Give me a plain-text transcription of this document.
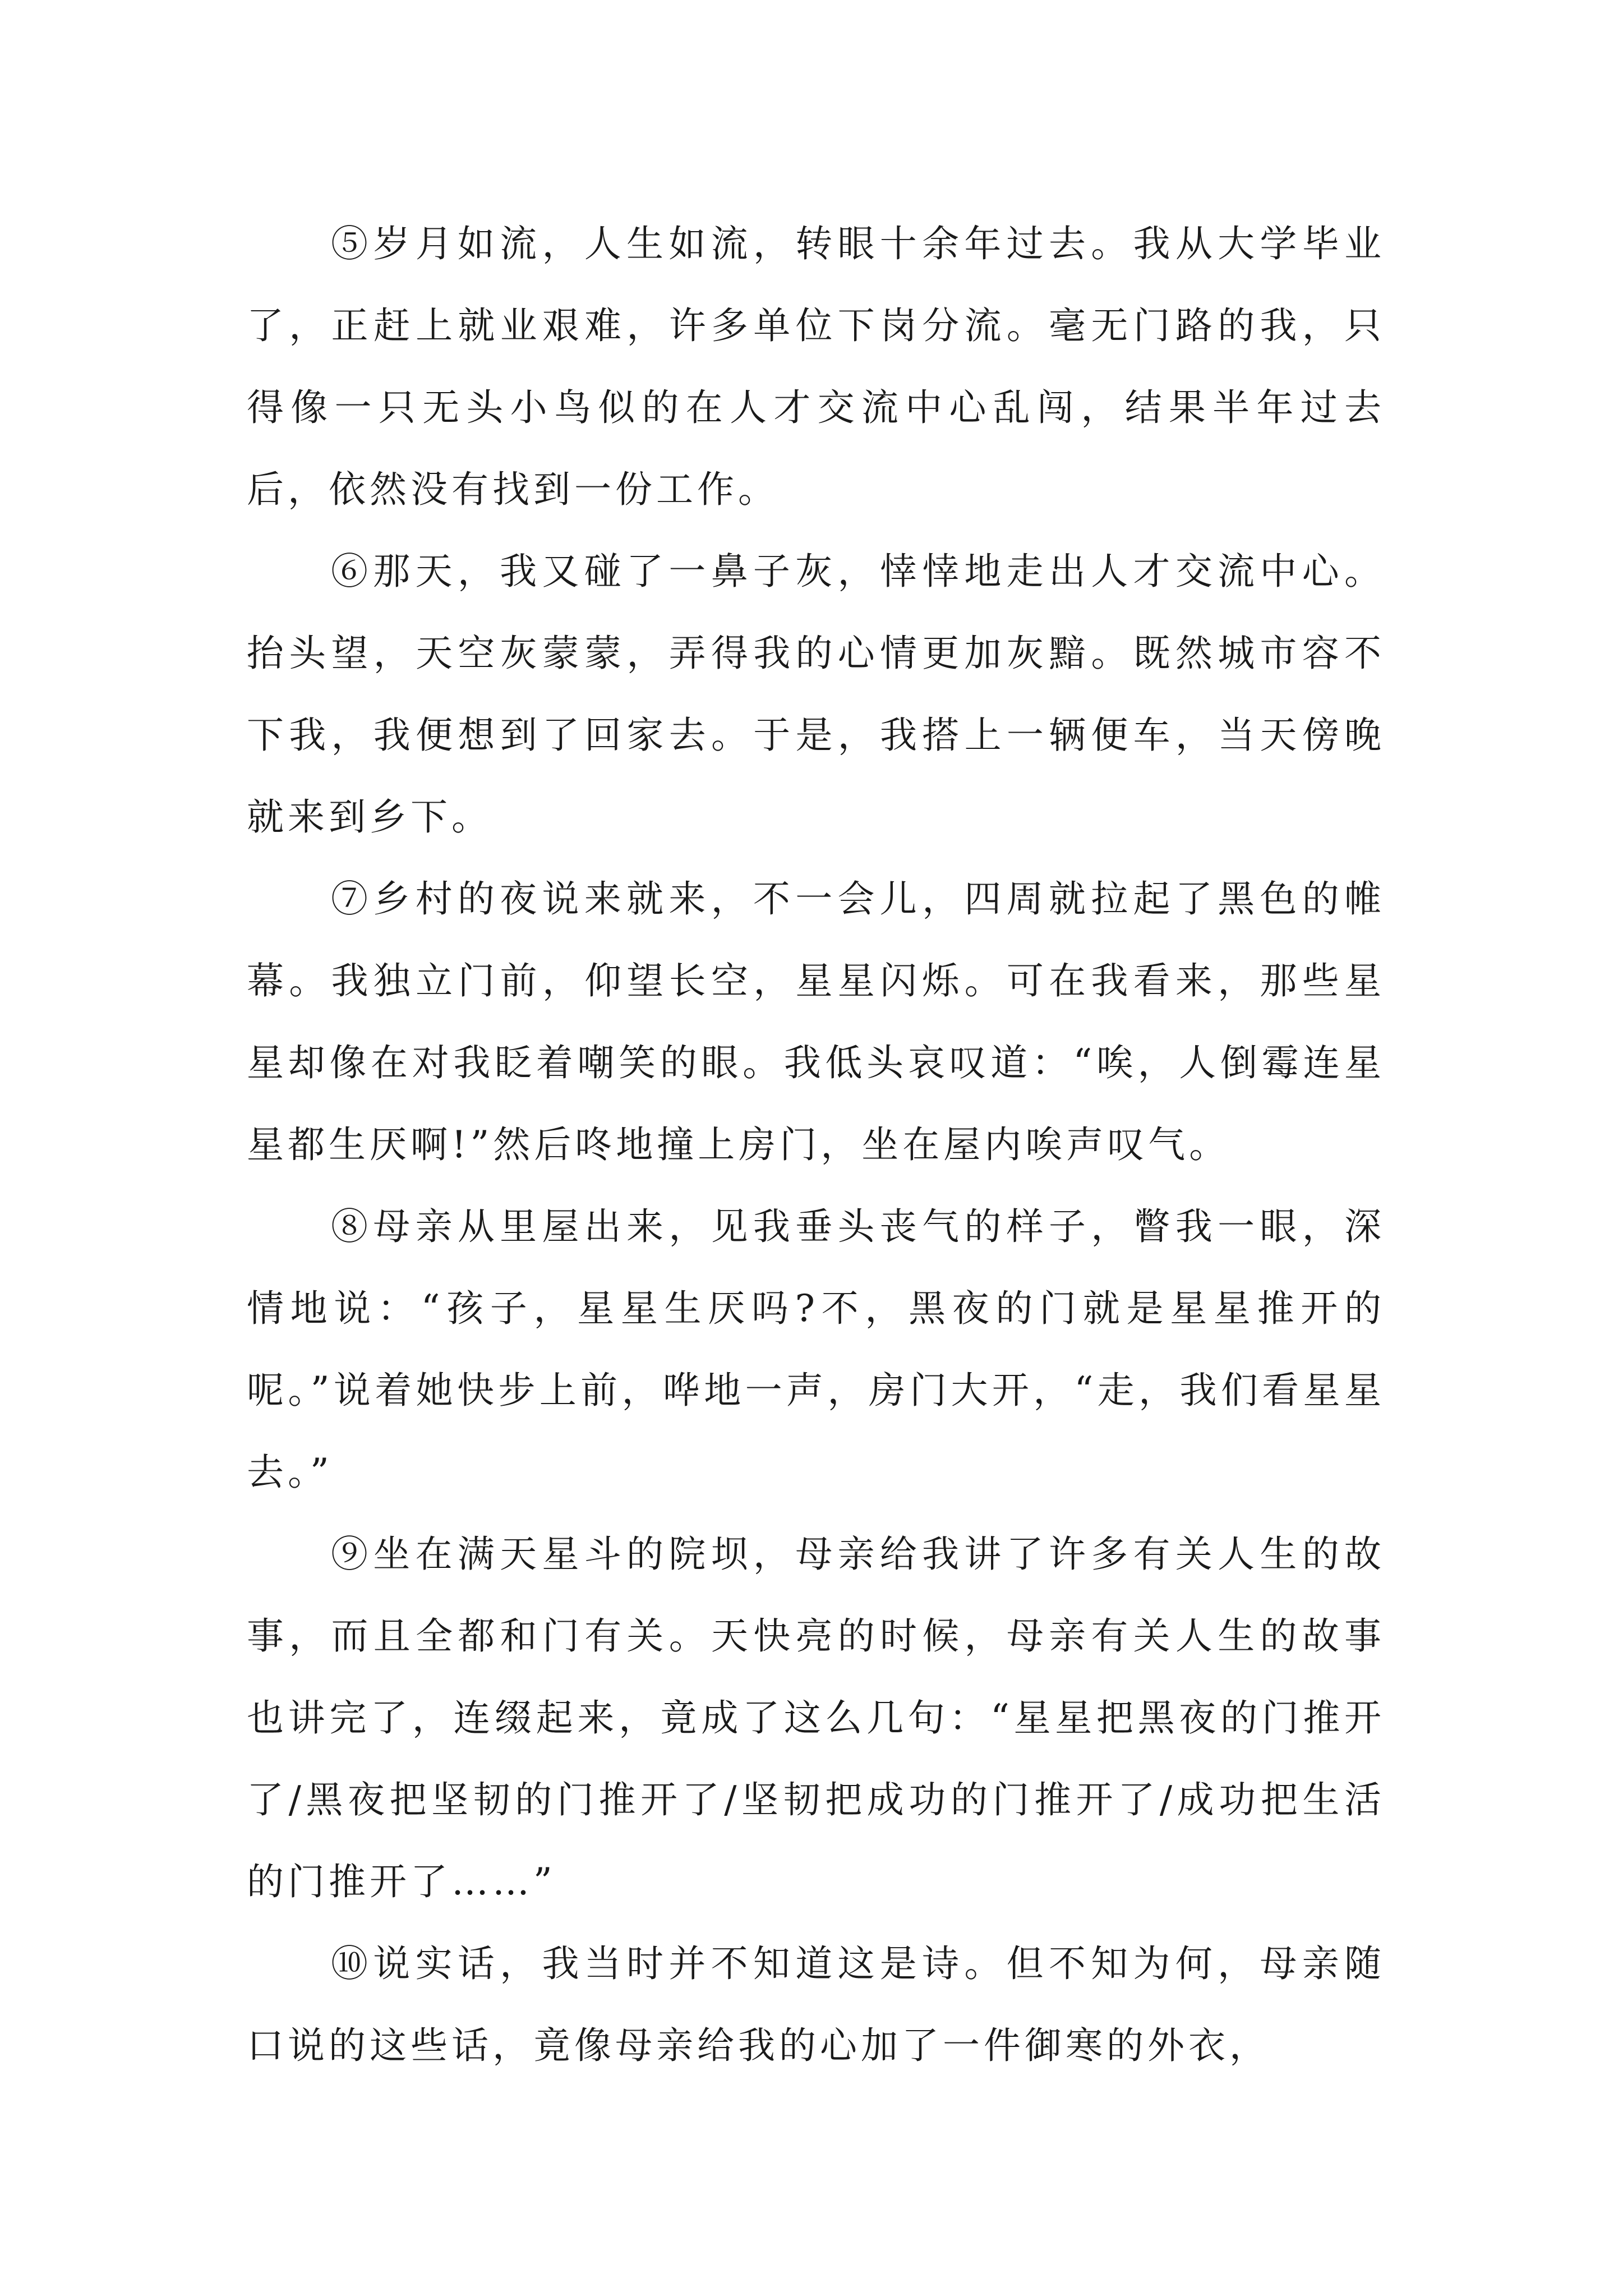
⑤岁月如流，人生如流，转眼十余年过去。我从大学毕业了，正赶上就业艰难，许多单位下岗分流。毫无门路的我，只得像一只无头小鸟似的在人才交流中心乱闯，结果半年过去后，依然没有找到一份工作。

⑥那天，我又碰了一鼻子灰，悻悻地走出人才交流中心。抬头望，天空灰蒙蒙，弄得我的心情更加灰黯。既然城市容不下我，我便想到了回家去。于是，我搭上一辆便车，当天傍晚就来到乡下。

⑦乡村的夜说来就来，不一会儿，四周就拉起了黑色的帷幕。我独立门前，仰望长空，星星闪烁。可在我看来，那些星星却像在对我眨着嘲笑的眼。我低头哀叹道：“唉，人倒霉连星星都生厌啊!”然后咚地撞上房门，坐在屋内唉声叹气。

⑧母亲从里屋出来，见我垂头丧气的样子，瞥我一眼，深情地说：“孩子，星星生厌吗?不，黑夜的门就是星星推开的呢。”说着她快步上前，哗地一声，房门大开，“走，我们看星星去。”

⑨坐在满天星斗的院坝，母亲给我讲了许多有关人生的故事，而且全都和门有关。天快亮的时候，母亲有关人生的故事也讲完了，连缀起来，竟成了这么几句：“星星把黑夜的门推开了/黑夜把坚韧的门推开了/坚韧把成功的门推开了/成功把生活的门推开了……”

⑩说实话，我当时并不知道这是诗。但不知为何，母亲随口说的这些话，竟像母亲给我的心加了一件御寒的外衣，
